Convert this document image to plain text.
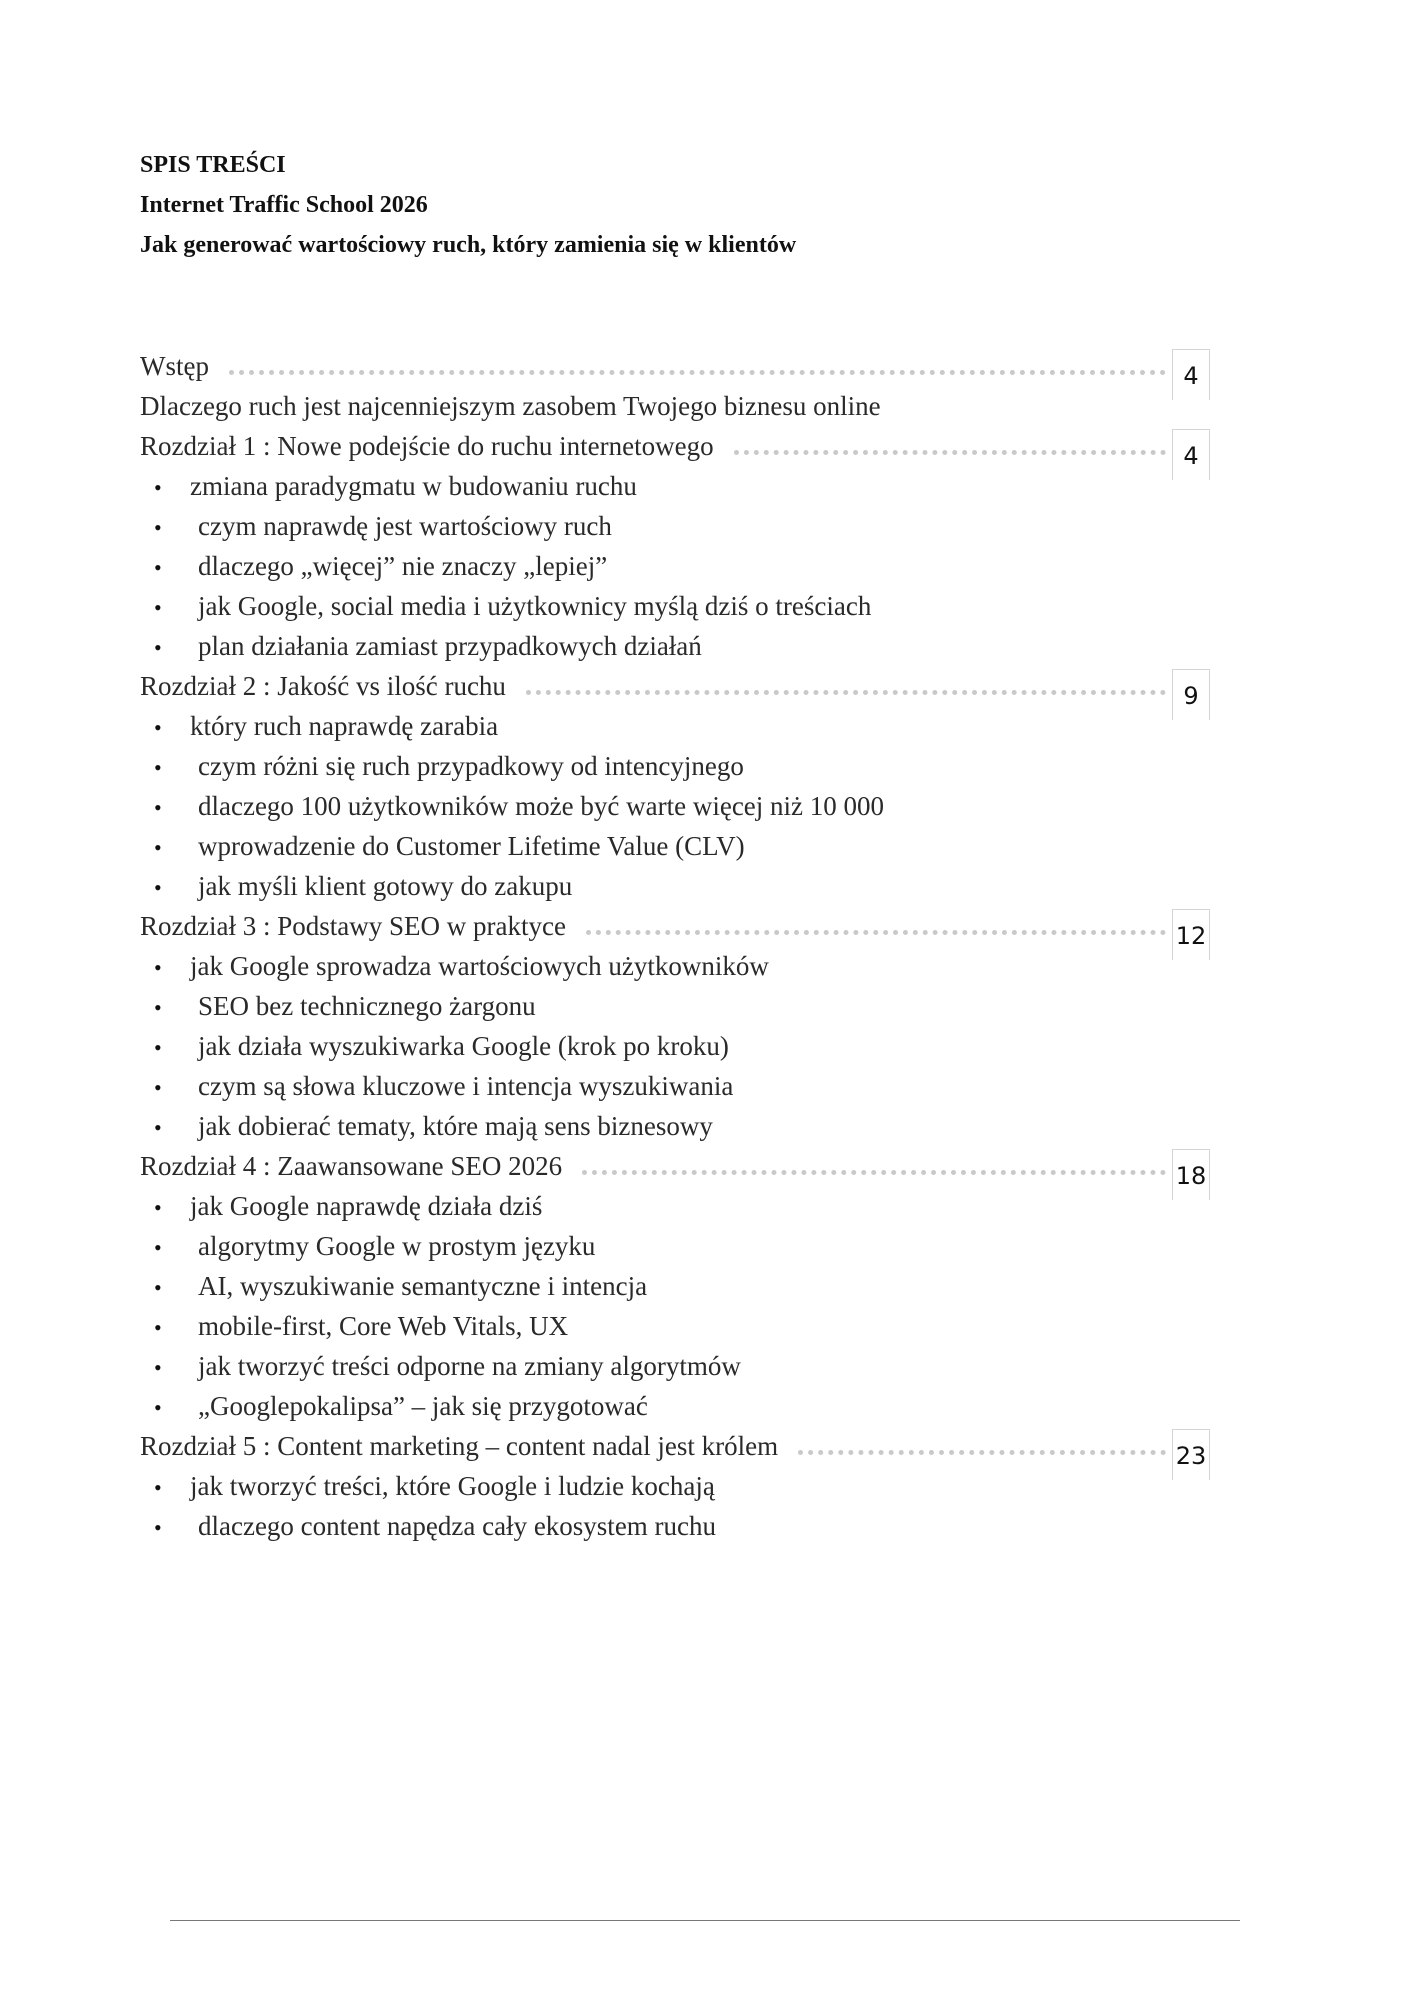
SPIS TREŚCI
Internet Traffic School 2026
Jak generować wartościowy ruch, który zamienia się w klientów
Wstęp	4
Dlaczego ruch jest najcenniejszym zasobem Twojego biznesu online
Rozdział 1 : Nowe podejście do ruchu internetowego	4
• zmiana paradygmatu w budowaniu ruchu
• czym naprawdę jest wartościowy ruch
• dlaczego „więcej” nie znaczy „lepiej”
• jak Google, social media i użytkownicy myślą dziś o treściach
• plan działania zamiast przypadkowych działań
Rozdział 2 : Jakość vs ilość ruchu	9
• który ruch naprawdę zarabia
• czym różni się ruch przypadkowy od intencyjnego
• dlaczego 100 użytkowników może być warte więcej niż 10 000
• wprowadzenie do Customer Lifetime Value (CLV)
• jak myśli klient gotowy do zakupu
Rozdział 3 : Podstawy SEO w praktyce	12
• jak Google sprowadza wartościowych użytkowników
• SEO bez technicznego żargonu
• jak działa wyszukiwarka Google (krok po kroku)
• czym są słowa kluczowe i intencja wyszukiwania
• jak dobierać tematy, które mają sens biznesowy
Rozdział 4 : Zaawansowane SEO 2026	18
• jak Google naprawdę działa dziś
• algorytmy Google w prostym języku
• AI, wyszukiwanie semantyczne i intencja
• mobile-first, Core Web Vitals, UX
• jak tworzyć treści odporne na zmiany algorytmów
• „Googlepokalipsa” – jak się przygotować
Rozdział 5 : Content marketing – content nadal jest królem	23
• jak tworzyć treści, które Google i ludzie kochają
• dlaczego content napędza cały ekosystem ruchu
